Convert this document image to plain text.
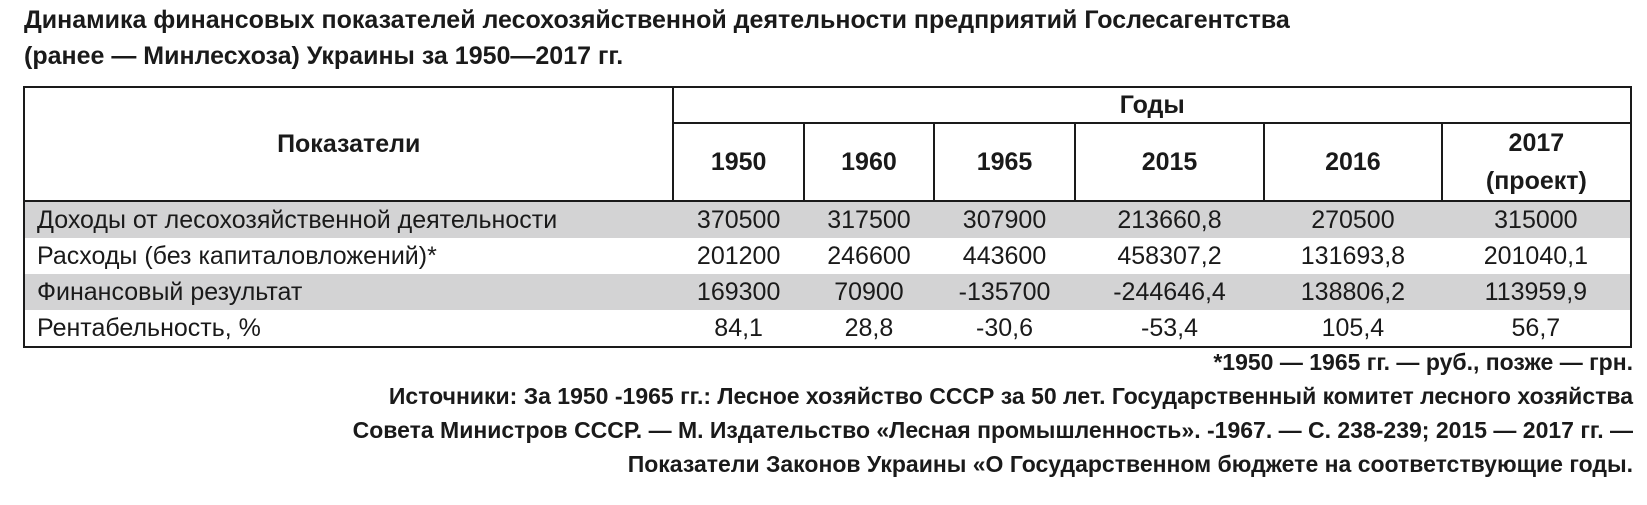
Динамика финансовых показателей лесохозяйственной деятельности предприятий Гослесагентства
(ранее — Минлесхоза) Украины за 1950—2017 гг.
Показатели	Годы					
	1950	1960	1965	2015	2016	2017
(проект)

Доходы от лесохозяйственной деятельности	370500	317500	307900	213660,8	270500	315000
Расходы (без капиталовложений)*	201200	246600	443600	458307,2	131693,8	201040,1
Финансовый результат	169300	70900	-135700	-244646,4	138806,2	113959,9
Рентабельность, %	84,1	28,8	-30,6	-53,4	105,4	56,7
*1950 — 1965 гг. — руб., позже — грн.
Источники: За 1950 -1965 гг.: Лесное хозяйство СССР за 50 лет. Государственный комитет лесного хозяйства
Совета Министров СССР. — М. Издательство «Лесная промышленность». -1967. — С. 238-239; 2015 — 2017 гг. —
Показатели Законов Украины «О Государственном бюджете на соответствующие годы.
